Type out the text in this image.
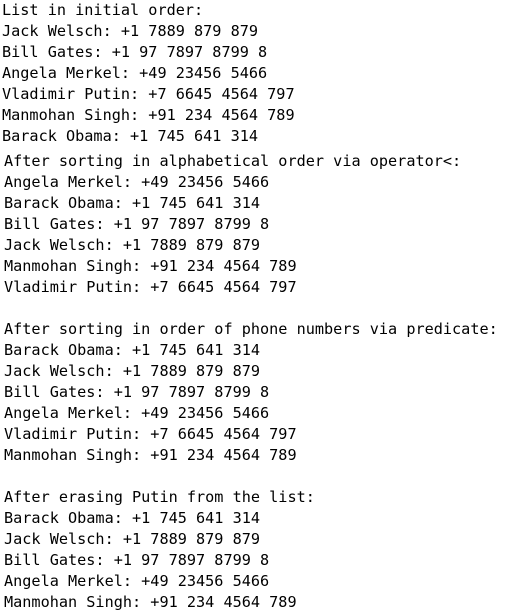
List in initial order:
Jack Welsch: +1 7889 879 879
Bill Gates: +1 97 7897 8799 8
Angela Merkel: +49 23456 5466
Vladimir Putin: +7 6645 4564 797
Manmohan Singh: +91 234 4564 789
Barack Obama: +1 745 641 314
After sorting in alphabetical order via operator<:
Angela Merkel: +49 23456 5466
Barack Obama: +1 745 641 314
Bill Gates: +1 97 7897 8799 8
Jack Welsch: +1 7889 879 879
Manmohan Singh: +91 234 4564 789
Vladimir Putin: +7 6645 4564 797
After sorting in order of phone numbers via predicate:
Barack Obama: +1 745 641 314
Jack Welsch: +1 7889 879 879
Bill Gates: +1 97 7897 8799 8
Angela Merkel: +49 23456 5466
Vladimir Putin: +7 6645 4564 797
Manmohan Singh: +91 234 4564 789
After erasing Putin from the list:
Barack Obama: +1 745 641 314
Jack Welsch: +1 7889 879 879
Bill Gates: +1 97 7897 8799 8
Angela Merkel: +49 23456 5466
Manmohan Singh: +91 234 4564 789
